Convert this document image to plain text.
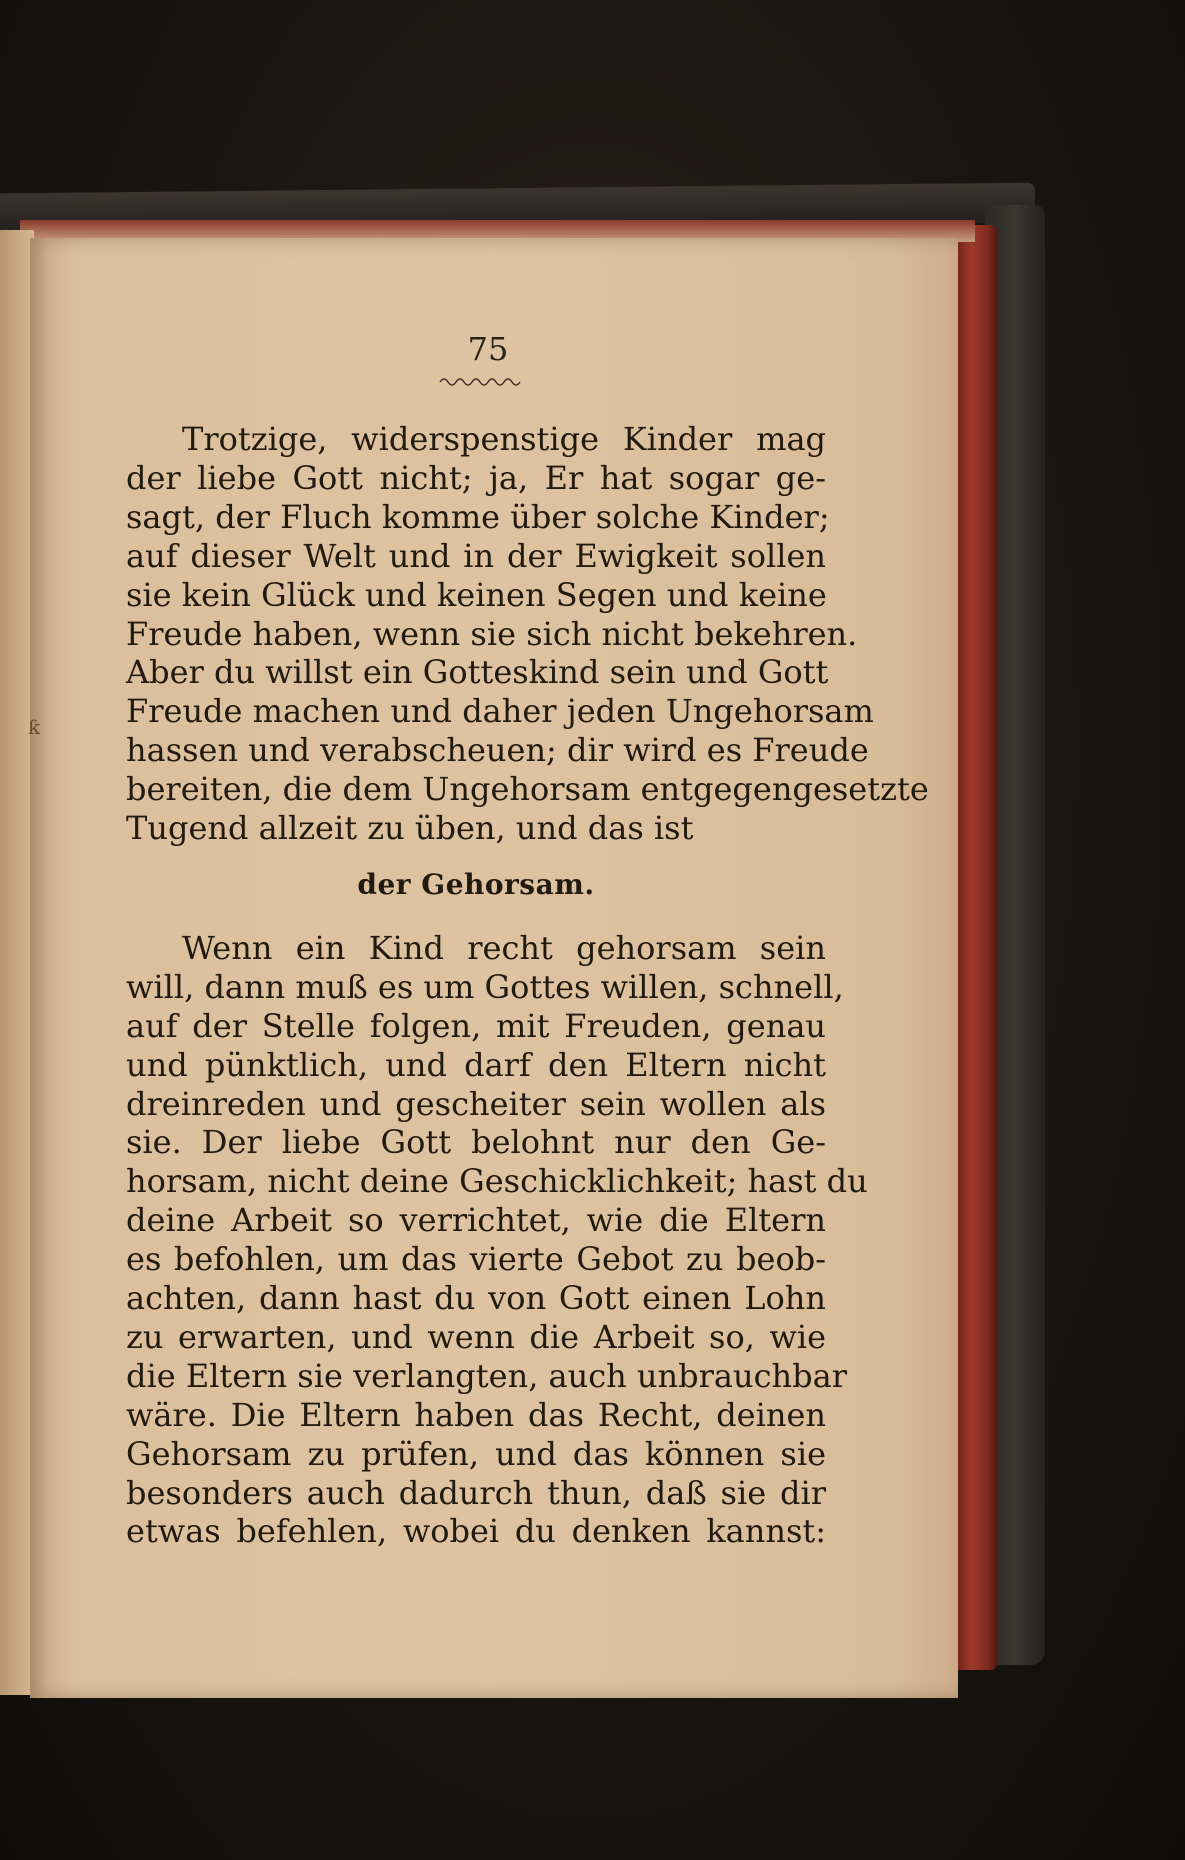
ƙ
75
Trotzige, widerspenstige Kinder mag
der liebe Gott nicht; ja, Er hat sogar ge-
sagt, der Fluch komme über solche Kinder;
auf dieser Welt und in der Ewigkeit sollen
sie kein Glück und keinen Segen und keine
Freude haben, wenn sie sich nicht bekehren.
Aber du willst ein Gotteskind sein und Gott
Freude machen und daher jeden Ungehorsam
hassen und verabscheuen; dir wird es Freude
bereiten, die dem Ungehorsam entgegengesetzte
Tugend allzeit zu üben, und das ist
der Gehorsam.
Wenn ein Kind recht gehorsam sein
will, dann muß es um Gottes willen, schnell,
auf der Stelle folgen, mit Freuden, genau
und pünktlich, und darf den Eltern nicht
dreinreden und gescheiter sein wollen als
sie. Der liebe Gott belohnt nur den Ge-
horsam, nicht deine Geschicklichkeit; hast du
deine Arbeit so verrichtet, wie die Eltern
es befohlen, um das vierte Gebot zu beob-
achten, dann hast du von Gott einen Lohn
zu erwarten, und wenn die Arbeit so, wie
die Eltern sie verlangten, auch unbrauchbar
wäre. Die Eltern haben das Recht, deinen
Gehorsam zu prüfen, und das können sie
besonders auch dadurch thun, daß sie dir
etwas befehlen, wobei du denken kannst:
